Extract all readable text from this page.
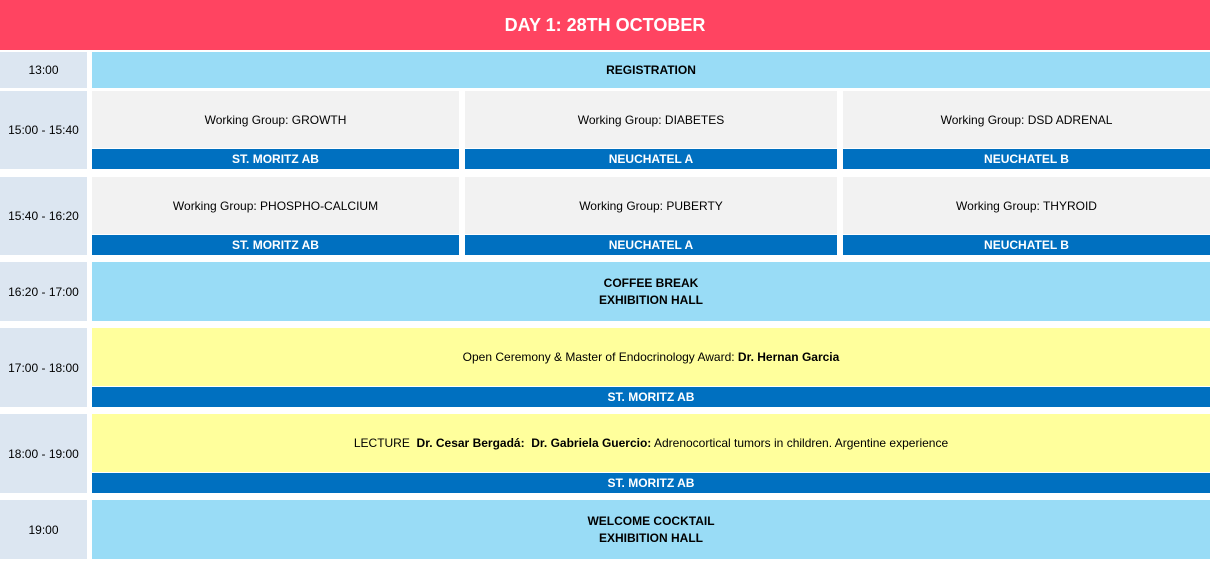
DAY 1: 28TH OCTOBER
13:00	REGISTRATION
15:00 - 15:40
Working Group: GROWTH
ST. MORITZ AB
Working Group: DIABETES
NEUCHATEL A
Working Group: DSD ADRENAL
NEUCHATEL B
15:40 - 16:20
Working Group: PHOSPHO-CALCIUM
ST. MORITZ AB
Working Group: PUBERTY
NEUCHATEL A
Working Group: THYROID
NEUCHATEL B
16:20 - 17:00
COFFEE BREAK
EXHIBITION HALL
17:00 - 18:00
Open Ceremony & Master of Endocrinology Award: Dr. Hernan Garcia
ST. MORITZ AB
18:00 - 19:00
LECTURE Dr. Cesar Bergadá:
Dr. Gabriela Guercio: Adrenocortical tumors in children. Argentine experience
ST. MORITZ AB
19:00
WELCOME COCKTAIL
EXHIBITION HALL
